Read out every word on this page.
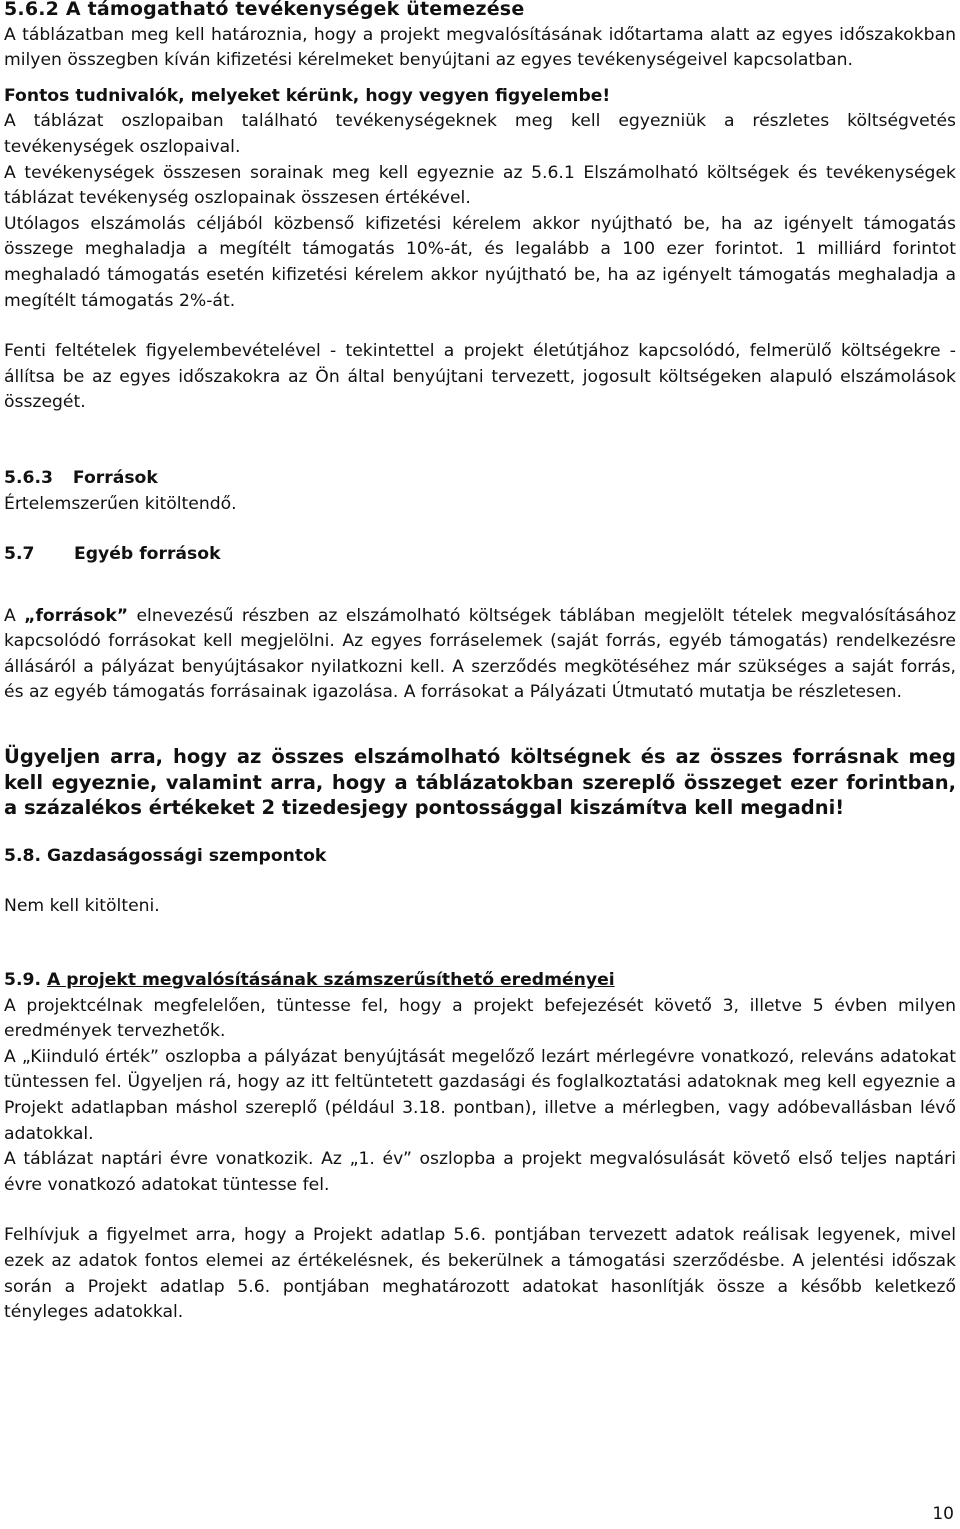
5.6.2 A támogatható tevékenységek ütemezése

A táblázatban meg kell határoznia, hogy a projekt megvalósításának időtartama alatt az egyes időszakokban milyen összegben kíván kifizetési kérelmeket benyújtani az egyes tevékenységeivel kapcsolatban.

Fontos tudnivalók, melyeket kérünk, hogy vegyen figyelembe!

A táblázat oszlopaiban található tevékenységeknek meg kell egyezniük a részletes költségvetés tevékenységek oszlopaival.

A tevékenységek összesen sorainak meg kell egyeznie az 5.6.1 Elszámolható költségek és tevékenységek táblázat tevékenység oszlopainak összesen értékével.

Utólagos elszámolás céljából közbenső kifizetési kérelem akkor nyújtható be, ha az igényelt támogatás összege meghaladja a megítélt támogatás 10%-át, és legalább a 100 ezer forintot. 1 milliárd forintot meghaladó támogatás esetén kifizetési kérelem akkor nyújtható be, ha az igényelt támogatás meghaladja a megítélt támogatás 2%-át.

Fenti feltételek figyelembevételével - tekintettel a projekt életútjához kapcsolódó, felmerülő költségekre - állítsa be az egyes időszakokra az Ön által benyújtani tervezett, jogosult költségeken alapuló elszámolások összegét.

5.6.3 Források

Értelemszerűen kitöltendő.

5.7 Egyéb források

A „források” elnevezésű részben az elszámolható költségek táblában megjelölt tételek megvalósításához kapcsolódó forrásokat kell megjelölni. Az egyes forráselemek (saját forrás, egyéb támogatás) rendelkezésre állásáról a pályázat benyújtásakor nyilatkozni kell. A szerződés megkötéséhez már szükséges a saját forrás, és az egyéb támogatás forrásainak igazolása. A forrásokat a Pályázati Útmutató mutatja be részletesen.

Ügyeljen arra, hogy az összes elszámolható költségnek és az összes forrásnak meg kell egyeznie, valamint arra, hogy a táblázatokban szereplő összeget ezer forintban, a százalékos értékeket 2 tizedesjegy pontossággal kiszámítva kell megadni!

5.8. Gazdaságossági szempontok

Nem kell kitölteni.

5.9. A projekt megvalósításának számszerűsíthető eredményei

A projektcélnak megfelelően, tüntesse fel, hogy a projekt befejezését követő 3, illetve 5 évben milyen eredmények tervezhetők.

A „Kiinduló érték” oszlopba a pályázat benyújtását megelőző lezárt mérlegévre vonatkozó, releváns adatokat tüntessen fel. Ügyeljen rá, hogy az itt feltüntetett gazdasági és foglalkoztatási adatoknak meg kell egyeznie a Projekt adatlapban máshol szereplő (például 3.18. pontban), illetve a mérlegben, vagy adóbevallásban lévő adatokkal.

A táblázat naptári évre vonatkozik. Az „1. év” oszlopba a projekt megvalósulását követő első teljes naptári évre vonatkozó adatokat tüntesse fel.

Felhívjuk a figyelmet arra, hogy a Projekt adatlap 5.6. pontjában tervezett adatok reálisak legyenek, mivel ezek az adatok fontos elemei az értékelésnek, és bekerülnek a támogatási szerződésbe. A jelentési időszak során a Projekt adatlap 5.6. pontjában meghatározott adatokat hasonlítják össze a később keletkező tényleges adatokkal.

10
